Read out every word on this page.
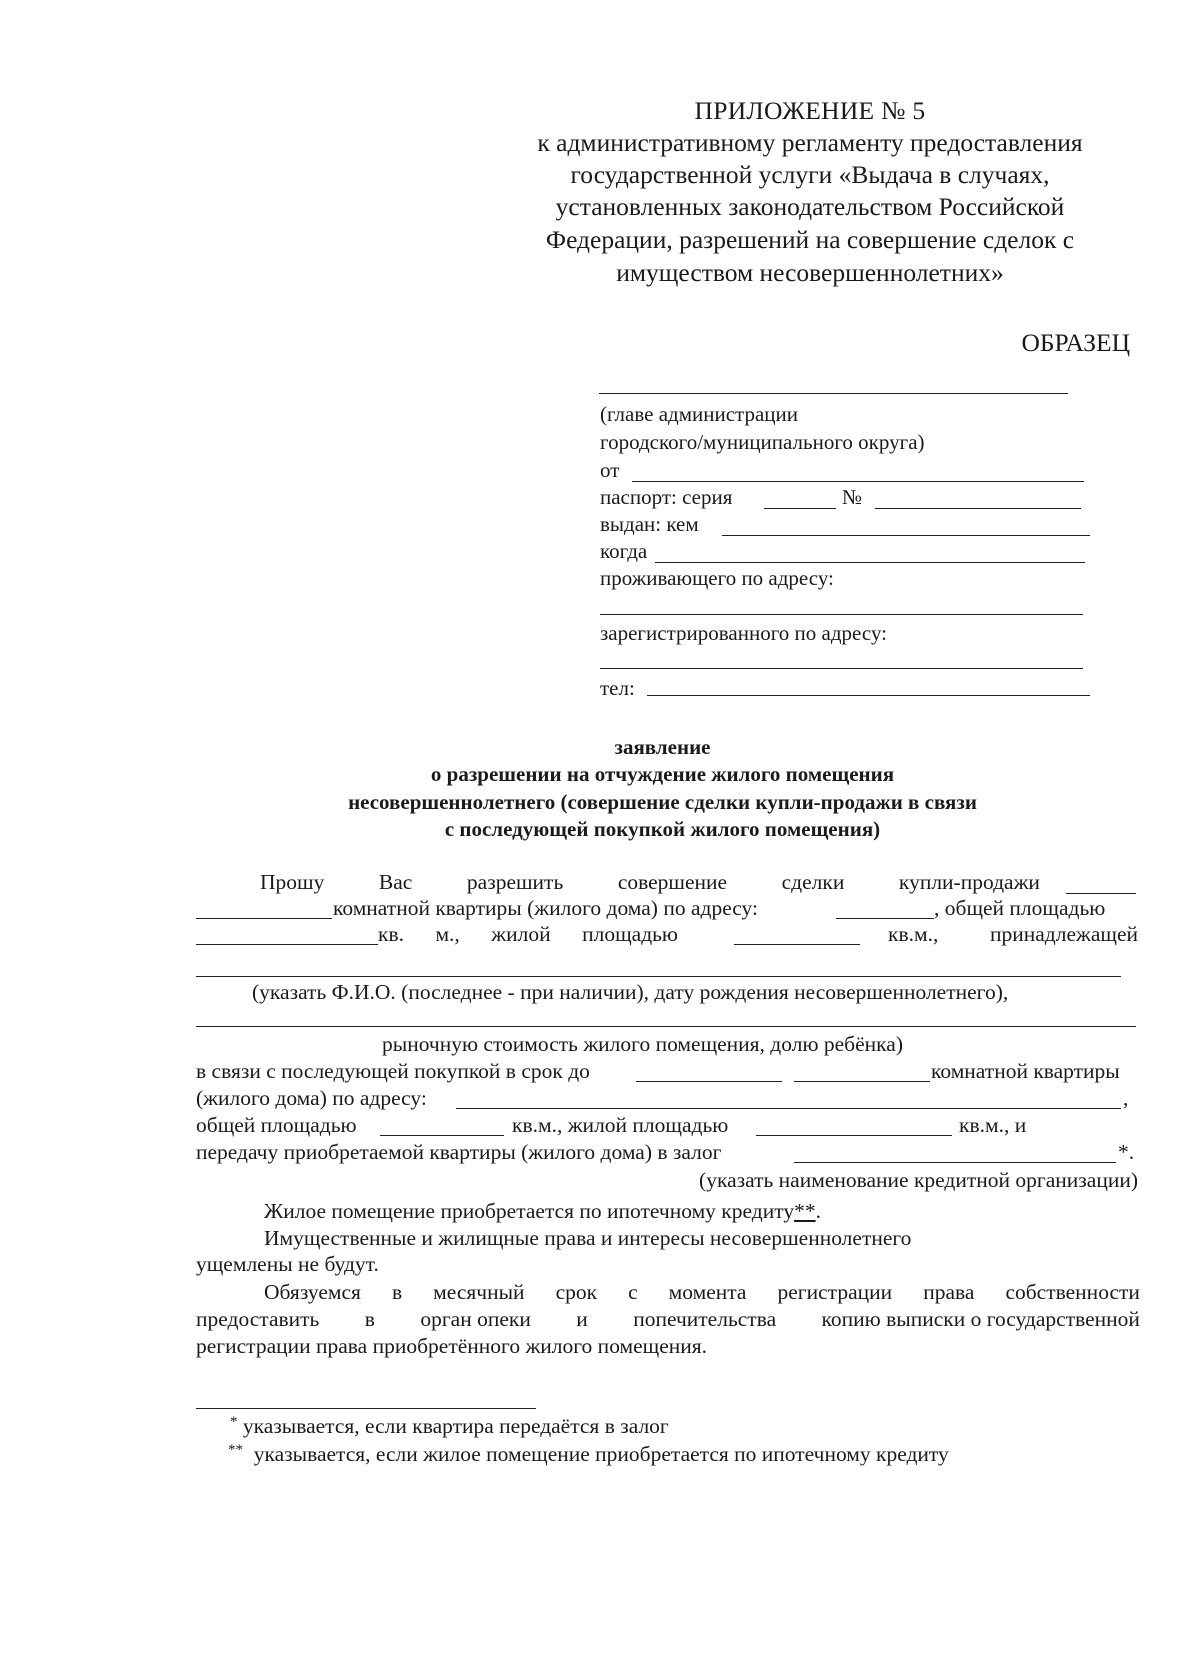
ПРИЛОЖЕНИЕ № 5
к административному регламенту предоставления
государственной услуги «Выдача в случаях,
установленных законодательством Российской
Федерации, разрешений на совершение сделок с
имуществом несовершеннолетних»
ОБРАЗЕЦ
(главе администрации
городского/муниципального округа)
от
паспорт: серия	№
выдан: кем
когда
проживающего по адресу:
зарегистрированного по адресу:
тел:
заявление
о разрешении на отчуждение жилого помещения
несовершеннолетнего (совершение сделки купли-продажи в связи
с последующей покупкой жилого помещения)
Прошу	Вас	разрешить	совершение	сделки	купли-продажи
комнатной квартиры (жилого дома) по адресу:	, общей площадью
кв. м., жилой площадью	кв.м., принадлежащей
(указать Ф.И.О. (последнее - при наличии), дату рождения несовершеннолетнего),
рыночную стоимость жилого помещения, долю ребёнка)
в связи с последующей покупкой в срок до	комнатной квартиры
(жилого дома) по адресу:	,
общей площадью	кв.м., жилой площадью	кв.м., и
передачу приобретаемой квартиры (жилого дома) в залог	*.
(указать наименование кредитной организации)
Жилое помещение приобретается по ипотечному кредиту**.
Имущественные и жилищные права и интересы несовершеннолетнего
ущемлены не будут.
Обязуемся в месячный срок с момента регистрации права собственности
предоставить в орган опеки и попечительства копию выписки о государственной
регистрации права приобретённого жилого помещения.
* указывается, если квартира передаётся в залог
** указывается, если жилое помещение приобретается по ипотечному кредиту
